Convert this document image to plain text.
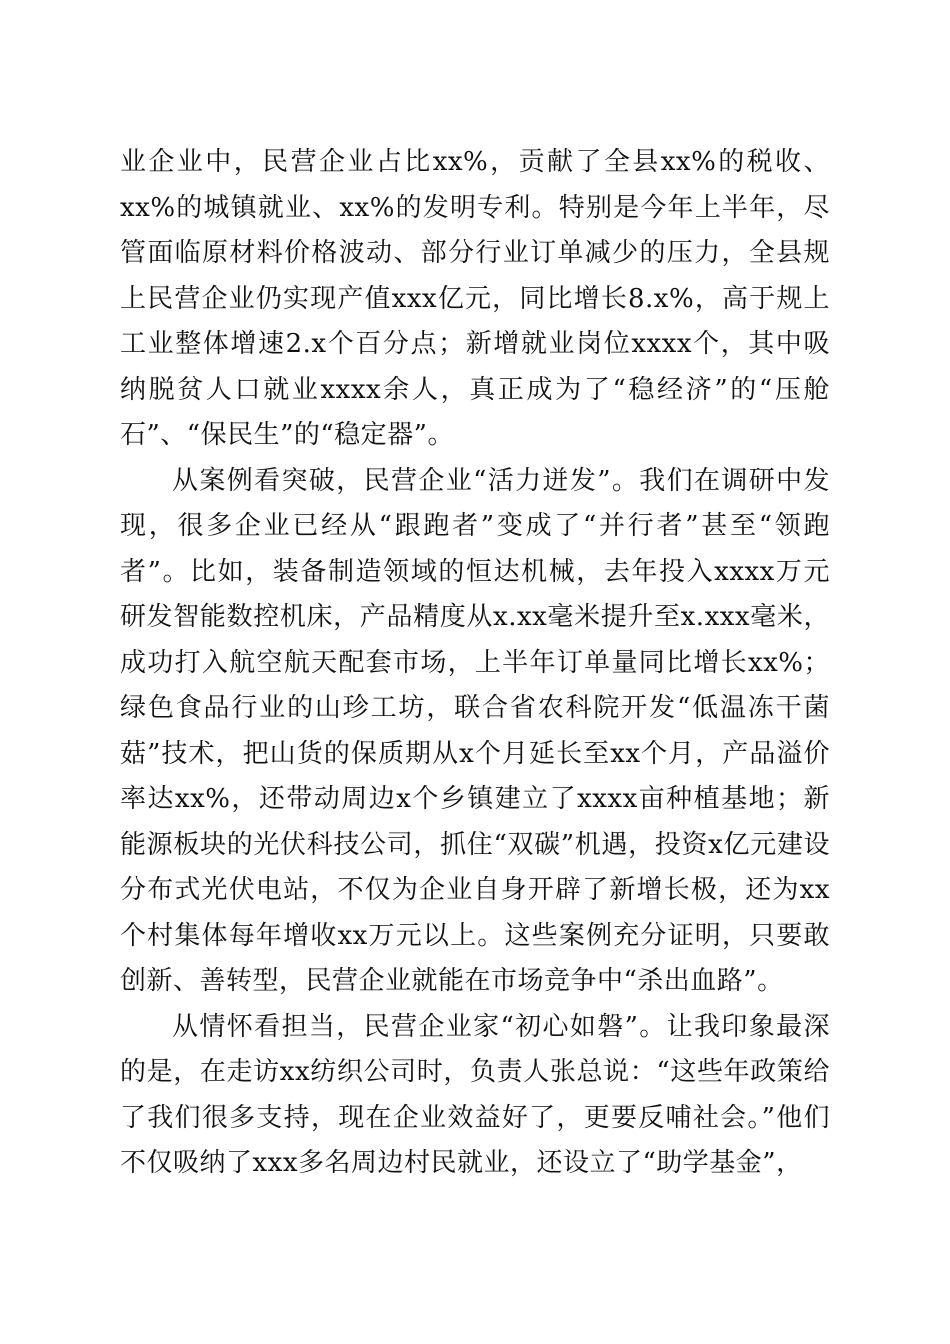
业企业中，民营企业占比xx%，贡献了全县xx%的税收、xx%的城镇就业、xx%的发明专利。特别是今年上半年，尽管面临原材料价格波动、部分行业订单减少的压力，全县规上民营企业仍实现产值xxx亿元，同比增长8.x%，高于规上工业整体增速2.x个百分点；新增就业岗位xxxx个，其中吸纳脱贫人口就业xxxx余人，真正成为了“稳经济”的“压舱石”、“保民生”的“稳定器”。

从案例看突破，民营企业“活力迸发”。我们在调研中发现，很多企业已经从“跟跑者”变成了“并行者”甚至“领跑者”。比如，装备制造领域的恒达机械，去年投入xxxx万元研发智能数控机床，产品精度从x.xx毫米提升至x.xxx毫米，成功打入航空航天配套市场，上半年订单量同比增长xx%；绿色食品行业的山珍工坊，联合省农科院开发“低温冻干菌菇”技术，把山货的保质期从x个月延长至xx个月，产品溢价率达xx%，还带动周边x个乡镇建立了xxxx亩种植基地；新能源板块的光伏科技公司，抓住“双碳”机遇，投资x亿元建设分布式光伏电站，不仅为企业自身开辟了新增长极，还为xx个村集体每年增收xx万元以上。这些案例充分证明，只要敢创新、善转型，民营企业就能在市场竞争中“杀出血路”。

从情怀看担当，民营企业家“初心如磐”。让我印象最深的是，在走访xx纺织公司时，负责人张总说：“这些年政策给了我们很多支持，现在企业效益好了，更要反哺社会。”他们不仅吸纳了xxx多名周边村民就业，还设立了“助学基金”，
